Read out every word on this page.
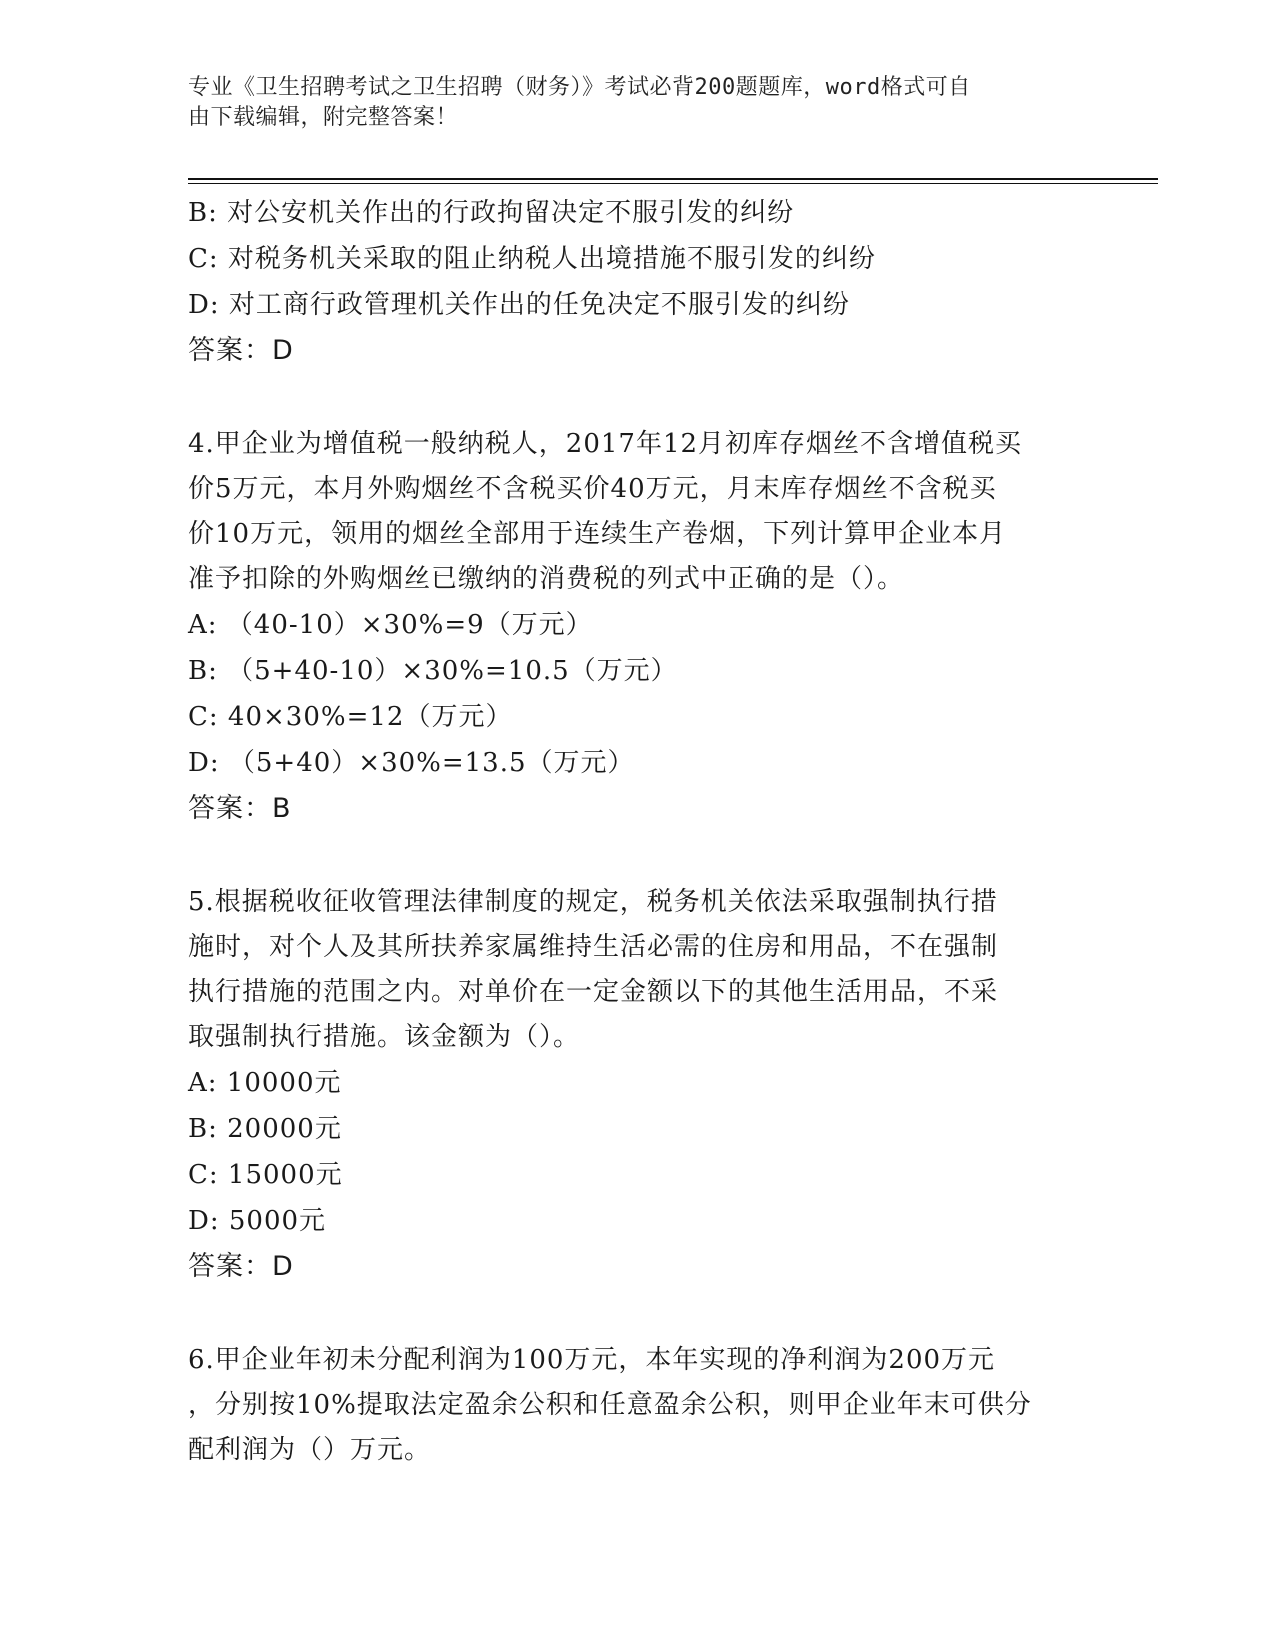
专业《卫生招聘考试之卫生招聘（财务）》考试必背200题题库，word格式可自
由下载编辑，附完整答案！

B: 对公安机关作出的行政拘留决定不服引发的纠纷

C: 对税务机关采取的阻止纳税人出境措施不服引发的纠纷

D: 对工商行政管理机关作出的任免决定不服引发的纠纷

答案：D

4.甲企业为增值税一般纳税人，2017年12月初库存烟丝不含增值税买

价5万元，本月外购烟丝不含税买价40万元，月末库存烟丝不含税买

价10万元，领用的烟丝全部用于连续生产卷烟，下列计算甲企业本月

准予扣除的外购烟丝已缴纳的消费税的列式中正确的是（）。

A: （40-10）×30%=9（万元）

B: （5+40-10）×30%=10.5（万元）

C: 40×30%=12（万元）

D: （5+40）×30%=13.5（万元）

答案：B

5.根据税收征收管理法律制度的规定，税务机关依法采取强制执行措

施时，对个人及其所扶养家属维持生活必需的住房和用品，不在强制

执行措施的范围之内。对单价在一定金额以下的其他生活用品，不采

取强制执行措施。该金额为（）。

A: 10000元

B: 20000元

C: 15000元

D: 5000元

答案：D

6.甲企业年初未分配利润为100万元，本年实现的净利润为200万元

，分别按10%提取法定盈余公积和任意盈余公积，则甲企业年末可供分

配利润为（）万元。
